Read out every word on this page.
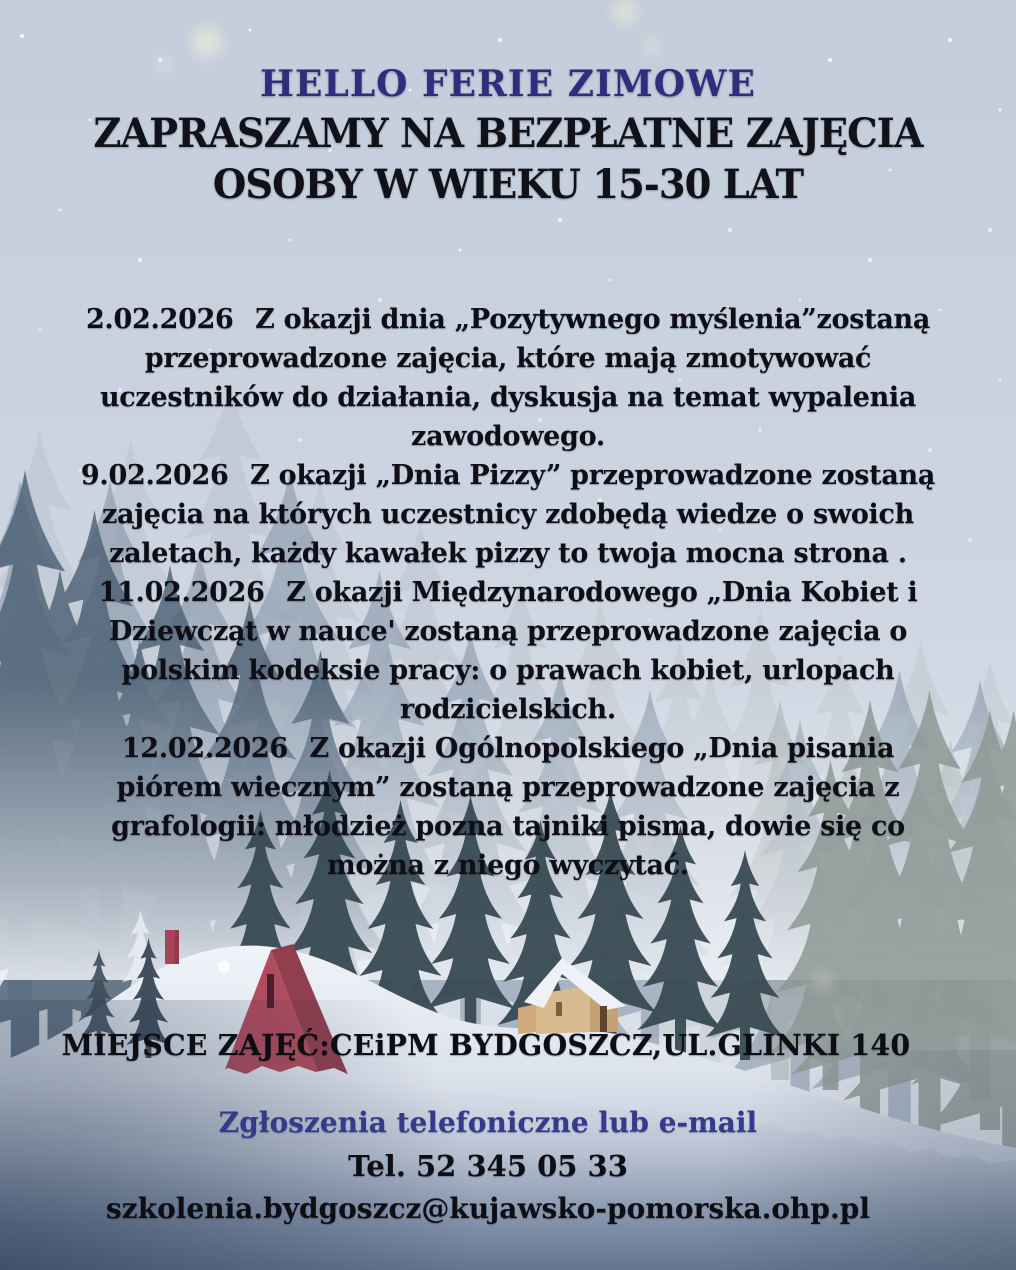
HELLO FERIE ZIMOWE
ZAPRASZAMY NA BEZPŁATNE ZAJĘCIA
OSOBY W WIEKU 15-30 LAT

2.02.2026 Z okazji dnia „Pozytywnego myślenia”zostaną przeprowadzone zajęcia, które mają zmotywować uczestników do działania, dyskusja na temat wypalenia zawodowego.

9.02.2026 Z okazji „Dnia Pizzy” przeprowadzone zostaną zajęcia na których uczestnicy zdobędą wiedze o swoich zaletach, każdy kawałek pizzy to twoja mocna strona .

11.02.2026 Z okazji Międzynarodowego „Dnia Kobiet i Dziewcząt w nauce' zostaną przeprowadzone zajęcia o polskim kodeksie pracy: o prawach kobiet, urlopach rodzicielskich.

12.02.2026 Z okazji Ogólnopolskiego „Dnia pisania piórem wiecznym” zostaną przeprowadzone zajęcia z grafologii: młodzież pozna tajniki pisma, dowie się co można z niego wyczytać.

MIEJSCE ZAJĘĆ:CEiPM BYDGOSZCZ,UL.GLINKI 140
Zgłoszenia telefoniczne lub e-mail
Tel. 52 345 05 33
szkolenia.bydgoszcz@kujawsko-pomorska.ohp.pl
